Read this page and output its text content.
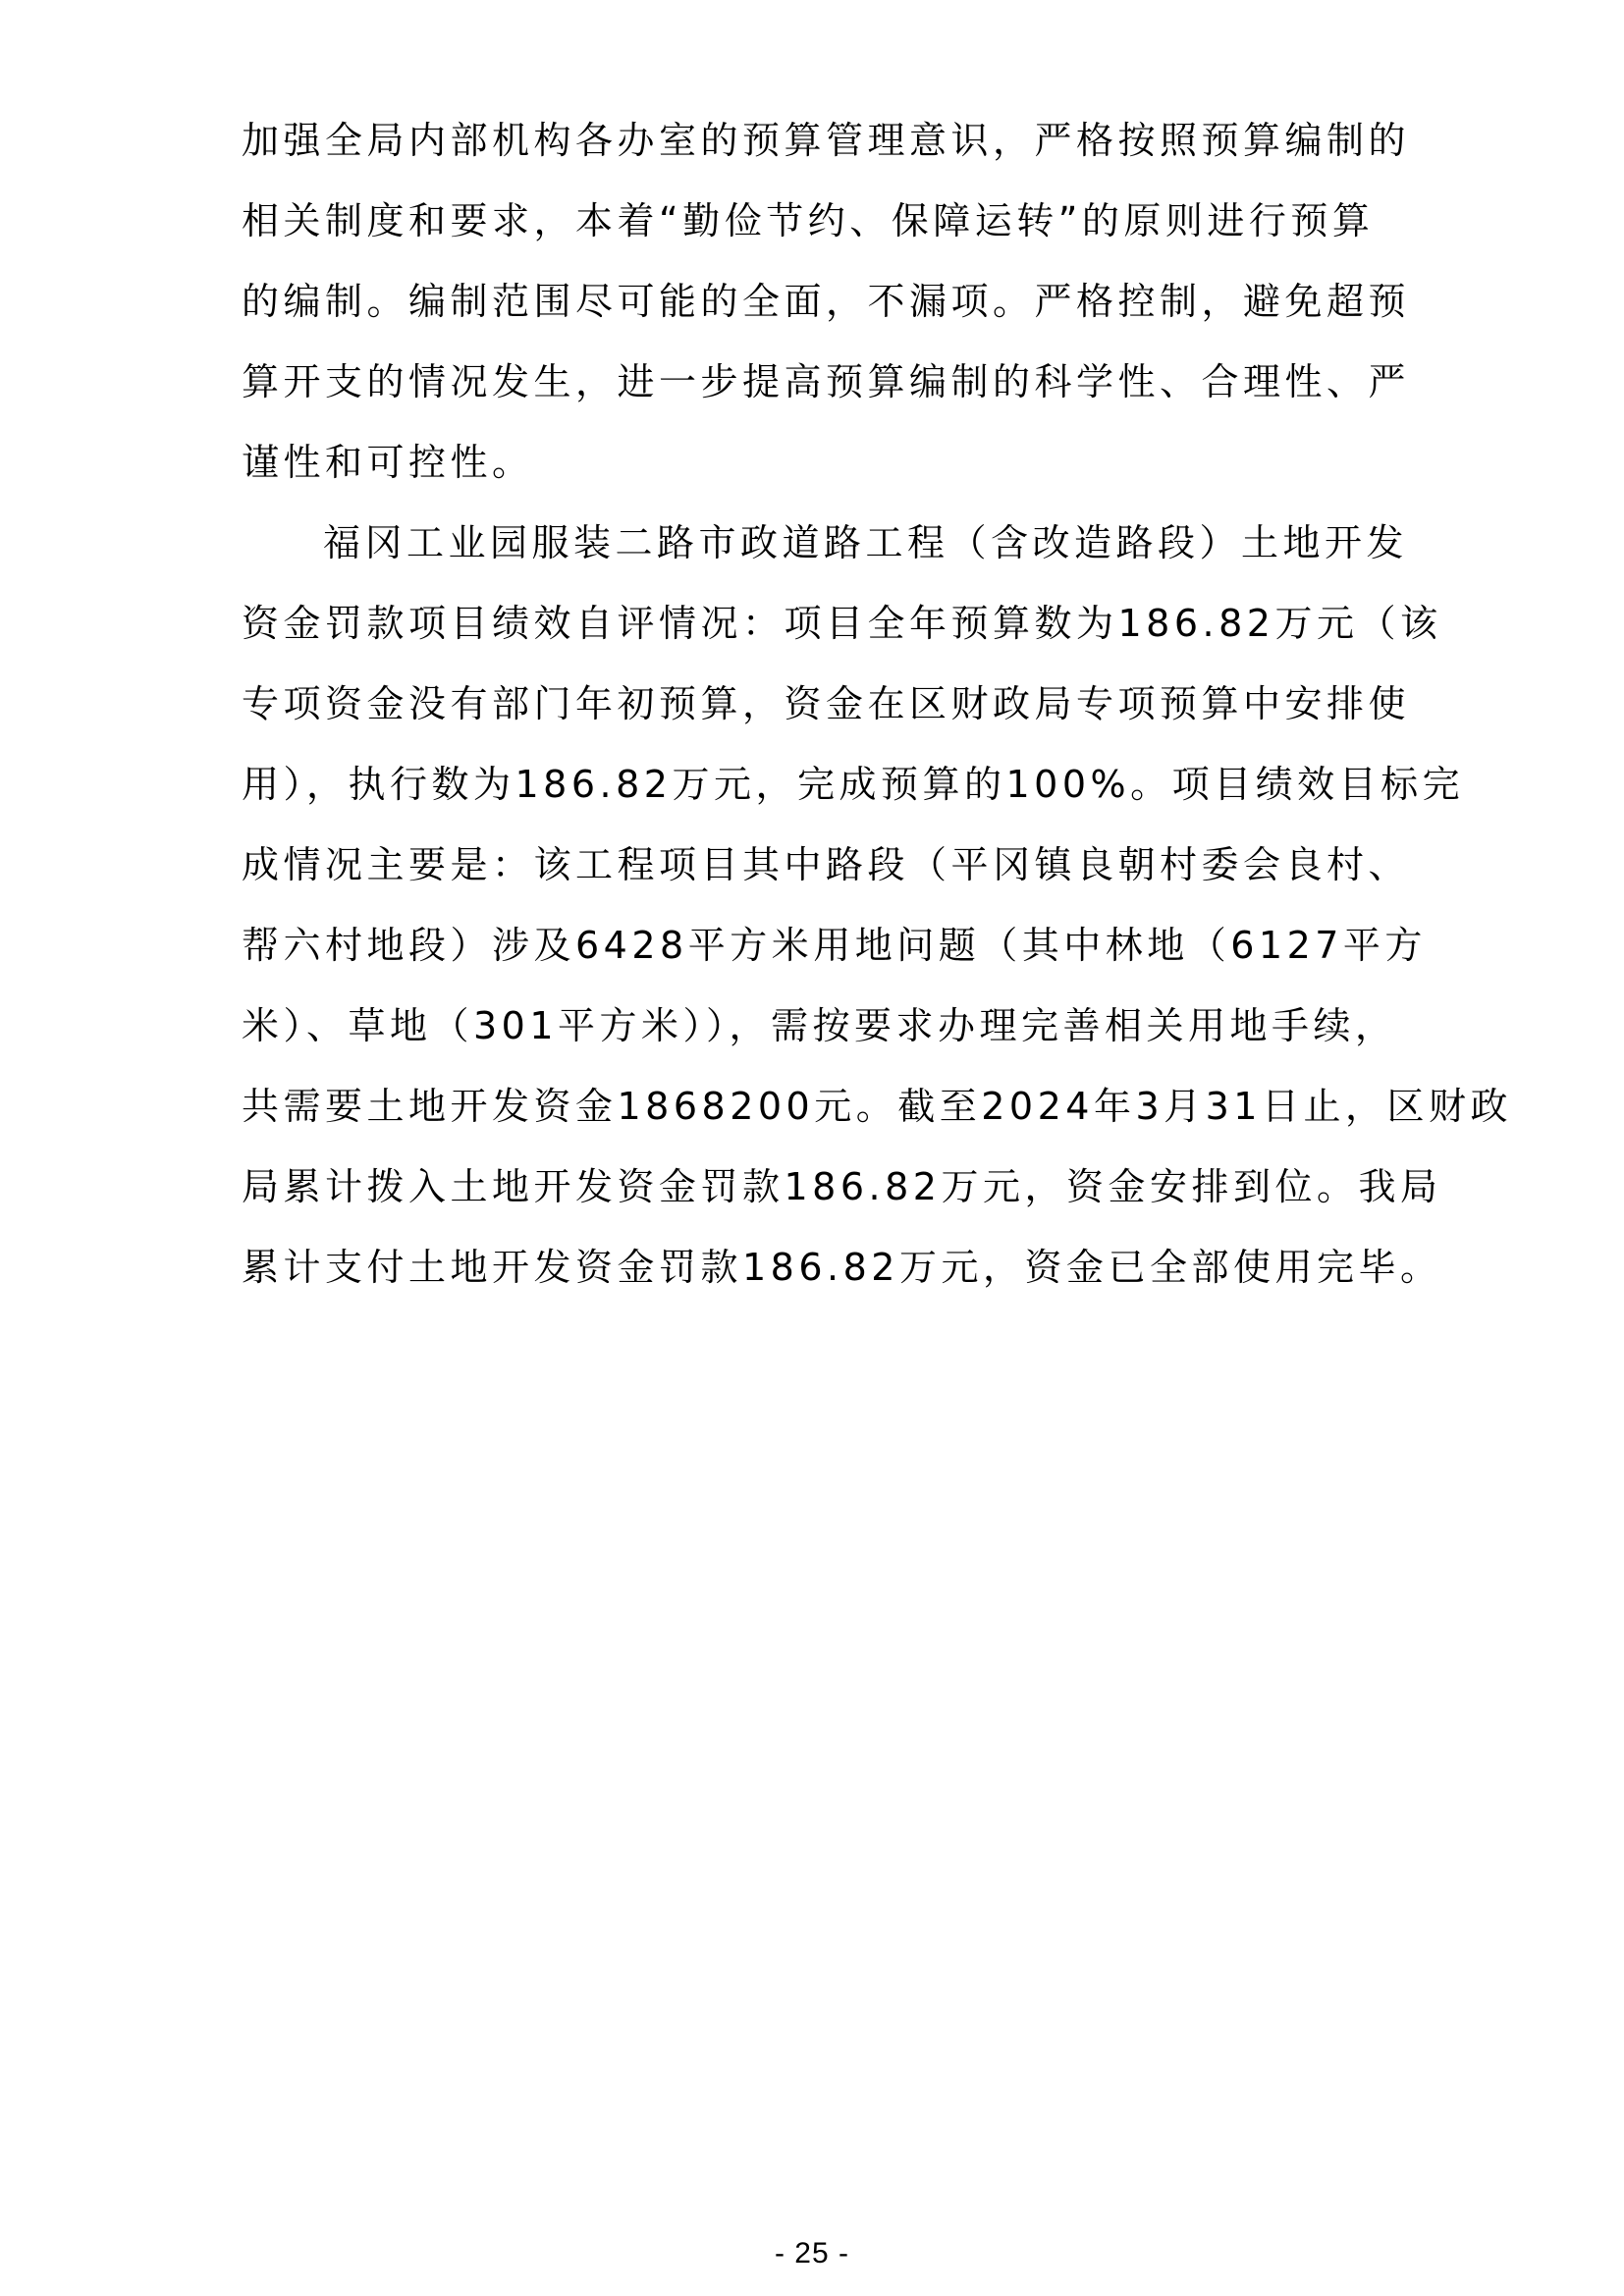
加强全局内部机构各办室的预算管理意识，严格按照预算编制的
相关制度和要求，本着“勤俭节约、保障运转”的原则进行预算
的编制。编制范围尽可能的全面，不漏项。严格控制，避免超预
算开支的情况发生，进一步提高预算编制的科学性、合理性、严
谨性和可控性。
福冈工业园服装二路市政道路工程（含改造路段）土地开发
资金罚款项目绩效自评情况：项目全年预算数为186.82万元（该
专项资金没有部门年初预算，资金在区财政局专项预算中安排使
用），执行数为186.82万元，完成预算的100%。项目绩效目标完
成情况主要是：该工程项目其中路段（平冈镇良朝村委会良村、
帮六村地段）涉及6428平方米用地问题（其中林地（6127平方
米）、草地（301平方米）），需按要求办理完善相关用地手续，
共需要土地开发资金1868200元。截至2024年3月31日止，区财政
局累计拨入土地开发资金罚款186.82万元，资金安排到位。我局
累计支付土地开发资金罚款186.82万元，资金已全部使用完毕。
- 25 -
